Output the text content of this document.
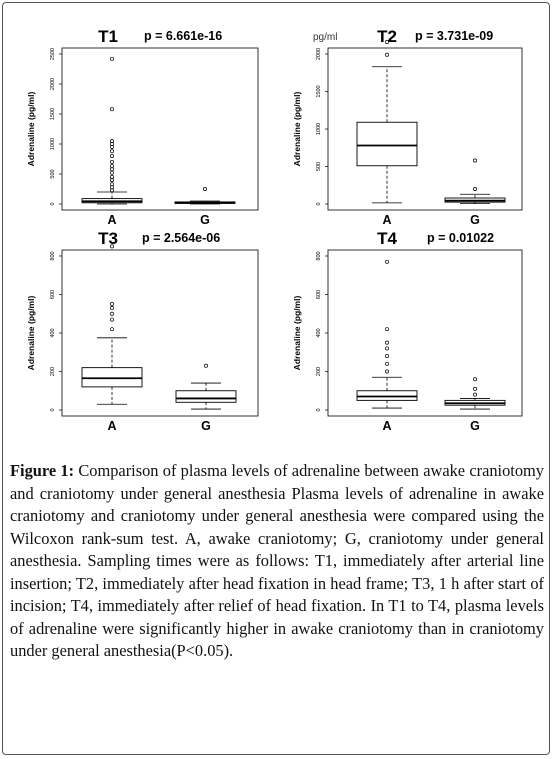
T1 p = 6.661e-16
Adrenaline (pg/ml)
0
500
1000
1500
2000
2500
A	G
T2 p = 3.731e-09
pg/ml
Adrenaline (pg/ml)
0
500
1000
1500
2000
A	G
T3 p = 2.564e-06
Adrenaline (pg/ml)
0
200
400
600
800
A	G
T4 p = 0.01022
Adrenaline (pg/ml)
0
200
400
600
800
A	G
Figure 1: Comparison of plasma levels of adrenaline between awake craniotomy and craniotomy under general anesthesia Plasma levels of adrenaline in awake craniotomy and craniotomy under general anesthesia were compared using the Wilcoxon rank-sum test. A, awake craniotomy; G, craniotomy under general anesthesia. Sampling times were as follows: T1, immediately after arterial line insertion; T2, immediately after head fixation in head frame; T3, 1 h after start of incision; T4, immediately after relief of head fixation. In T1 to T4, plasma levels of adrenaline were significantly higher in awake craniotomy than in craniotomy under general anesthesia(P<0.05).
